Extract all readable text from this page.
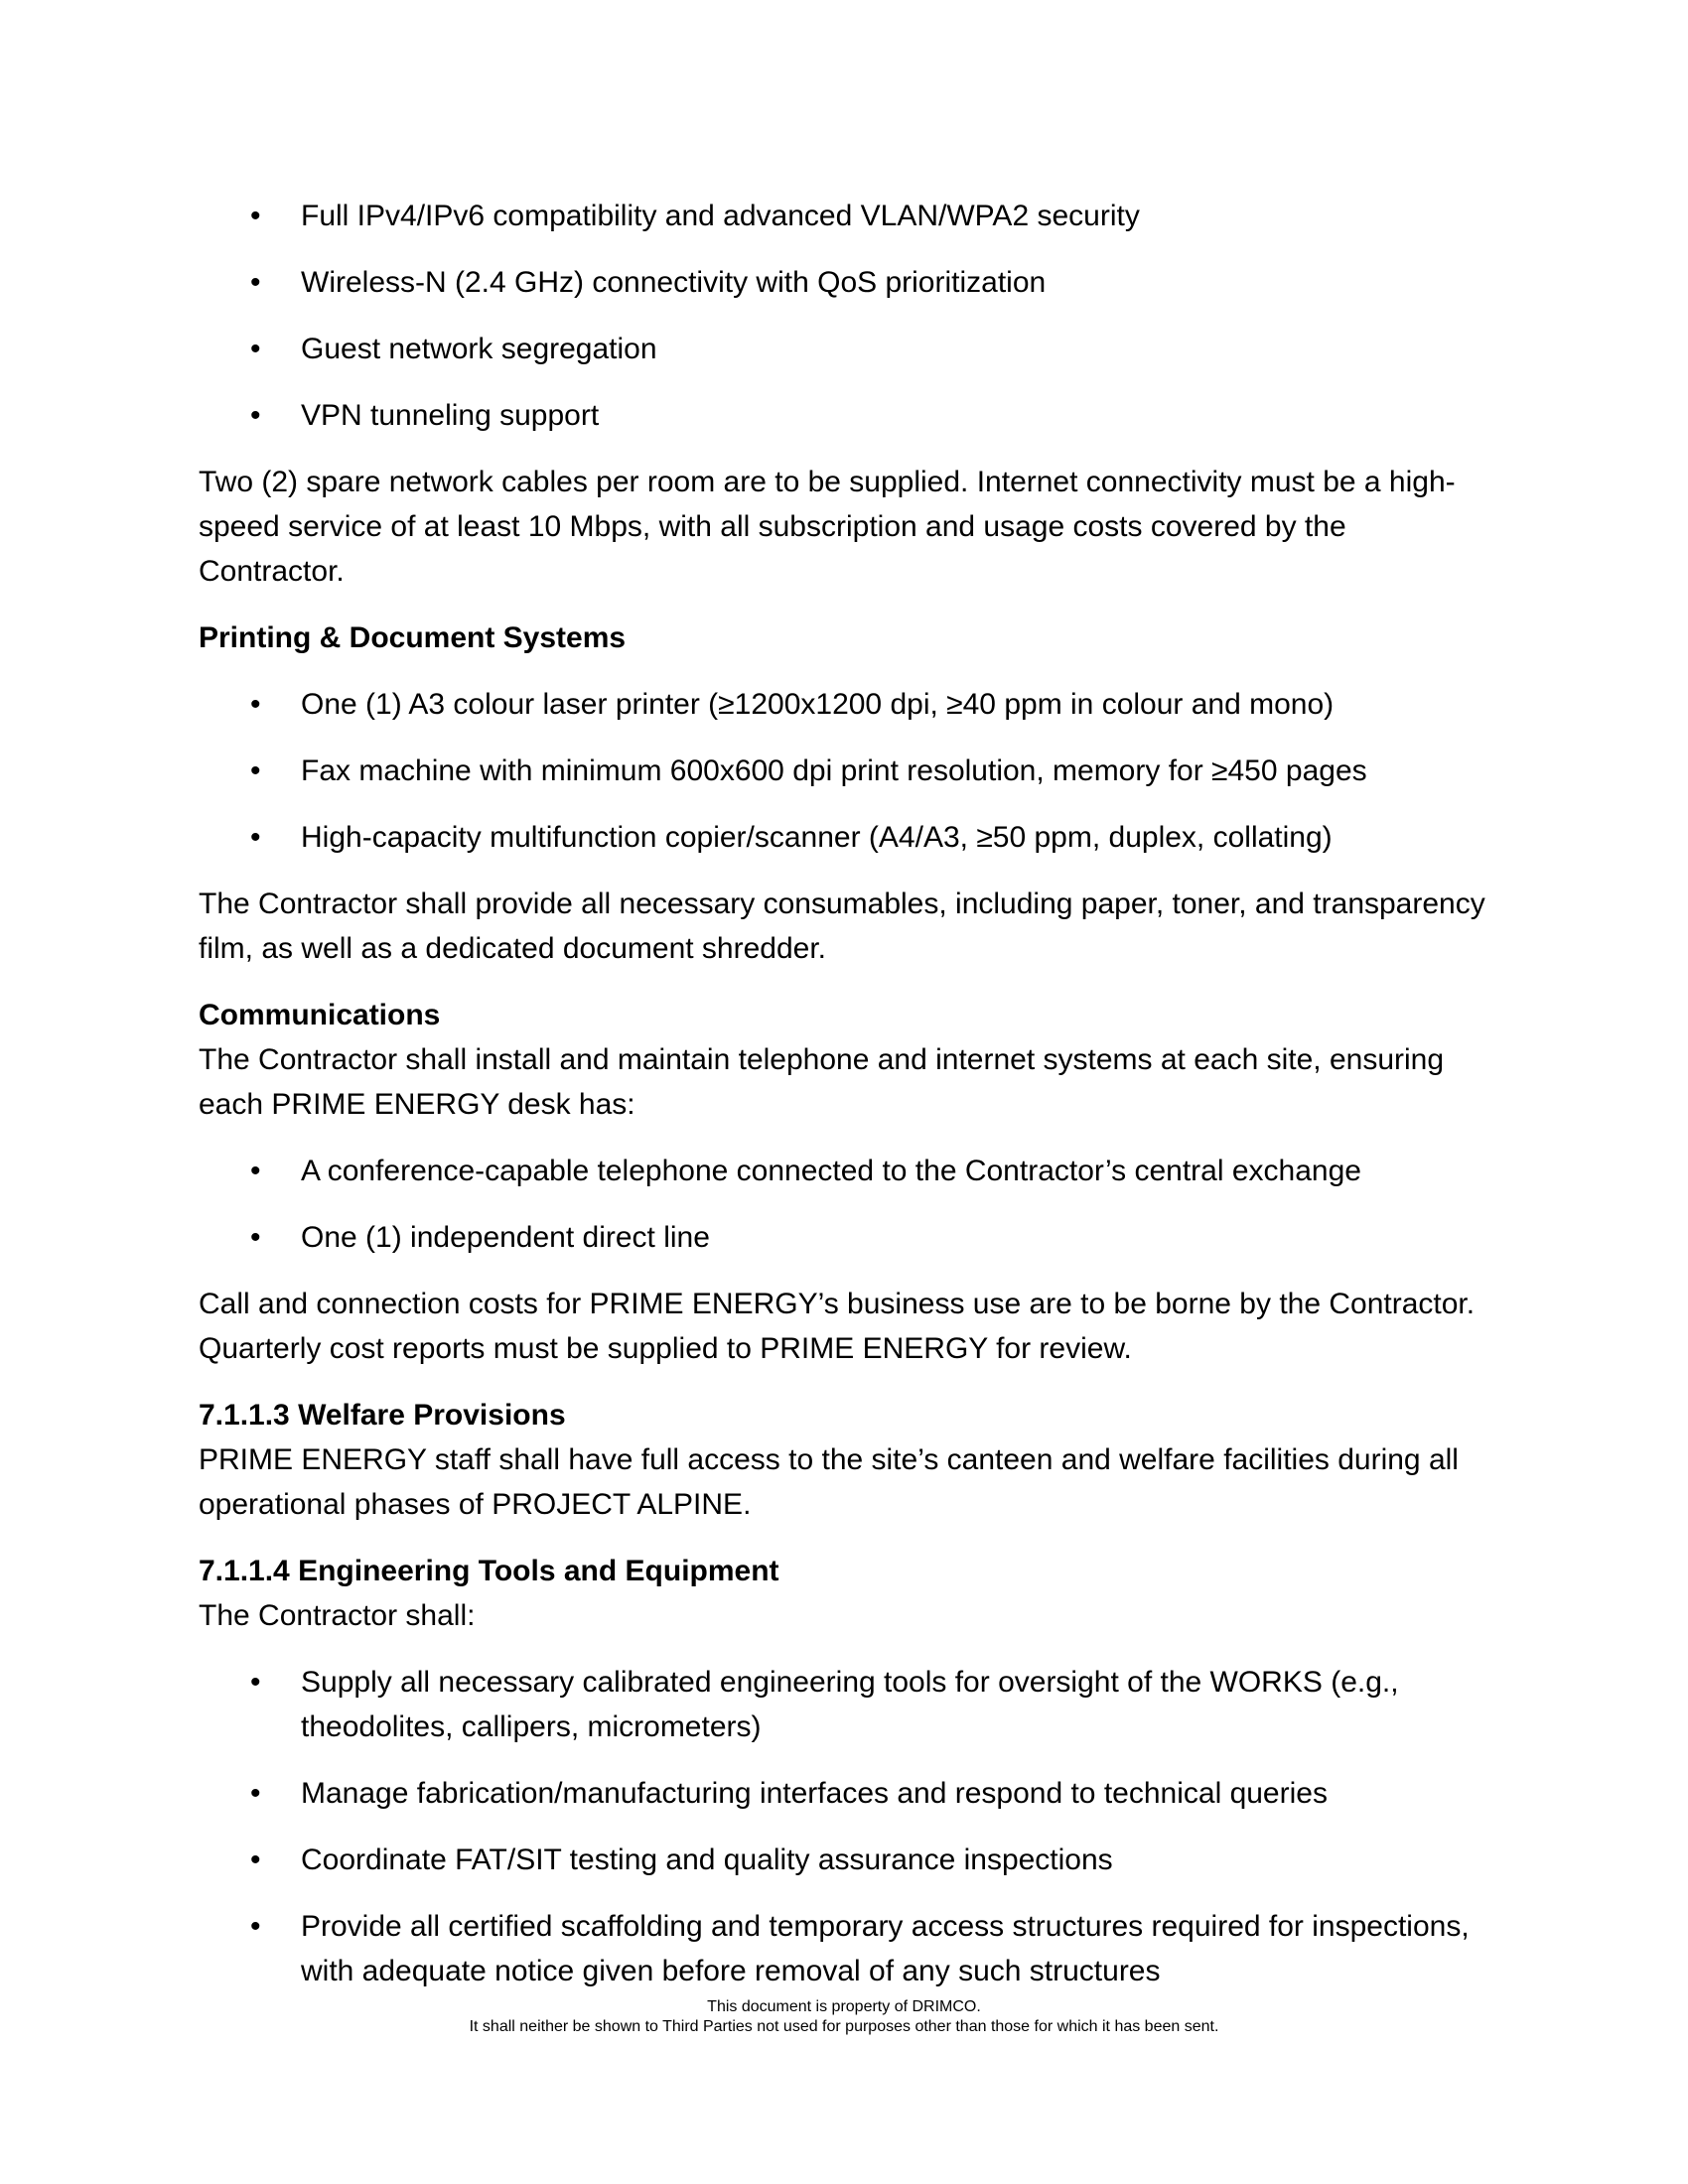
• Full IPv4/IPv6 compatibility and advanced VLAN/WPA2 security
• Wireless-N (2.4 GHz) connectivity with QoS prioritization
• Guest network segregation
• VPN tunneling support

Two (2) spare network cables per room are to be supplied. Internet connectivity must be a high-speed service of at least 10 Mbps, with all subscription and usage costs covered by the Contractor.

Printing & Document Systems
• One (1) A3 colour laser printer (≥1200x1200 dpi, ≥40 ppm in colour and mono)
• Fax machine with minimum 600x600 dpi print resolution, memory for ≥450 pages
• High-capacity multifunction copier/scanner (A4/A3, ≥50 ppm, duplex, collating)

The Contractor shall provide all necessary consumables, including paper, toner, and transparency film, as well as a dedicated document shredder.

Communications

The Contractor shall install and maintain telephone and internet systems at each site, ensuring each PRIME ENERGY desk has:

• A conference-capable telephone connected to the Contractor’s central exchange
• One (1) independent direct line

Call and connection costs for PRIME ENERGY’s business use are to be borne by the Contractor. Quarterly cost reports must be supplied to PRIME ENERGY for review.

7.1.1.3 Welfare Provisions

PRIME ENERGY staff shall have full access to the site’s canteen and welfare facilities during all operational phases of PROJECT ALPINE.

7.1.1.4 Engineering Tools and Equipment

The Contractor shall:

• Supply all necessary calibrated engineering tools for oversight of the WORKS (e.g., theodolites, callipers, micrometers)
• Manage fabrication/manufacturing interfaces and respond to technical queries
• Coordinate FAT/SIT testing and quality assurance inspections
• Provide all certified scaffolding and temporary access structures required for inspections, with adequate notice given before removal of any such structures
This document is property of DRIMCO.
It shall neither be shown to Third Parties not used for purposes other than those for which it has been sent.
